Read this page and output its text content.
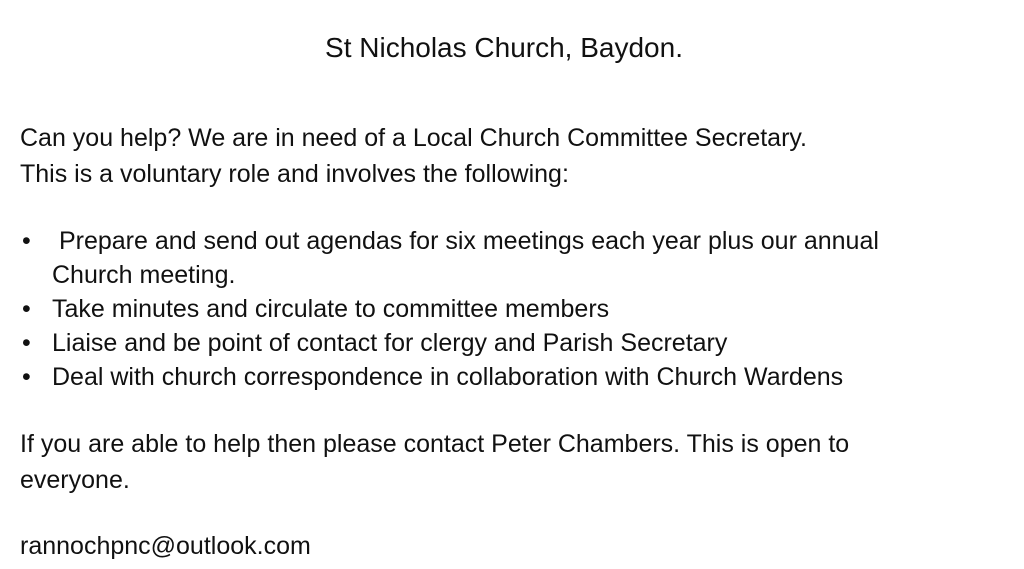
St Nicholas Church, Baydon.

Can you help? We are in need of a Local Church Committee Secretary.
This is a voluntary role and involves the following:

• Prepare and send out agendas for six meetings each year plus our annual
Church meeting.
• Take minutes and circulate to committee members
• Liaise and be point of contact for clergy and Parish Secretary
• Deal with church correspondence in collaboration with Church Wardens

If you are able to help then please contact Peter Chambers. This is open to
everyone.

rannochpnc@outlook.com
